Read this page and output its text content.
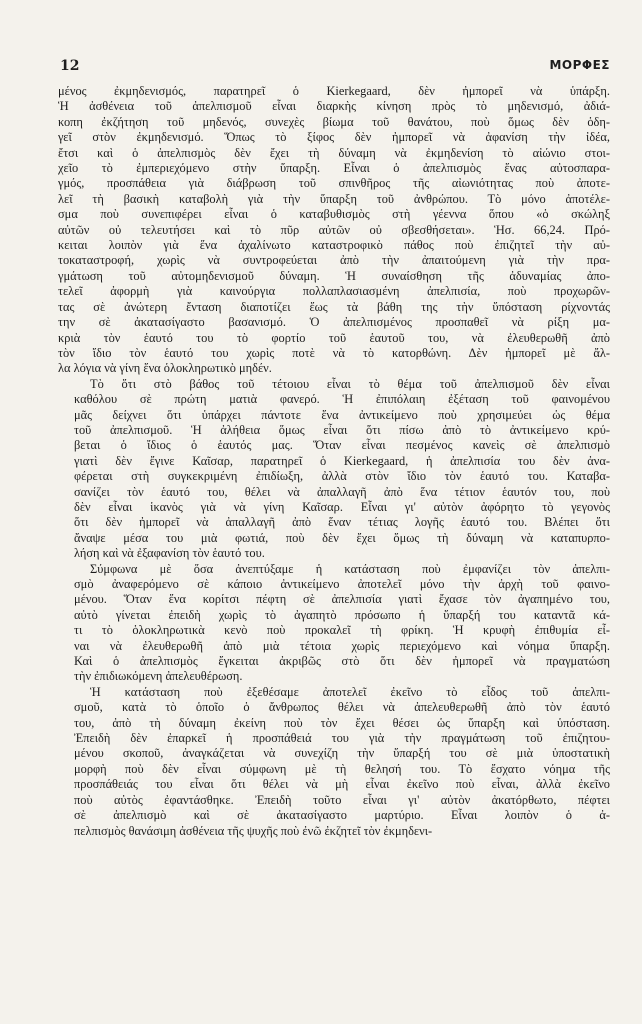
12	ΜΟΡΦΕΣ

μένος ἐκμηδενισμός, παρατηρεῖ ὁ Kierkegaard, δὲν ἠμπορεῖ νὰ ὑπάρξη.
Ἡ ἀσθένεια τοῦ ἀπελπισμοῦ εἶναι διαρκὴς κίνηση πρὸς τὸ μηδενισμό, ἀδιά-
κοπη ἐκζήτηση τοῦ μηδενός, συνεχὲς βίωμα τοῦ θανάτου, ποὺ ὅμως δὲν ὁδη-
γεῖ στὸν ἐκμηδενισμό. Ὅπως τὸ ξίφος δὲν ἠμπορεῖ νὰ ἀφανίση τὴν ἰδέα,
ἔτσι καὶ ὁ ἀπελπισμὸς δὲν ἔχει τὴ δύναμη νὰ ἐκμηδενίση τὸ αἰώνιο στοι-
χεῖο τὸ ἐμπεριεχόμενο στὴν ὕπαρξη. Εἶναι ὁ ἀπελπισμὸς ἕνας αὐτοσπαρα-
γμός, προσπάθεια γιὰ διάβρωση τοῦ σπινθῆρος τῆς αἰωνιότητας ποὺ ἀποτε-
λεῖ τὴ βασικὴ καταβολὴ γιὰ τὴν ὕπαρξη τοῦ ἀνθρώπου. Τὸ μόνο ἀποτέλε-
σμα ποὺ συνεπιφέρει εἶναι ὁ καταβυθισμὸς στὴ γέεννα ὅπου «ὁ σκώληξ
αὐτῶν οὐ τελευτήσει καὶ τὸ πῦρ αὐτῶν οὐ σβεσθήσεται». Ἡσ. 66,24. Πρό-
κειται λοιπὸν γιὰ ἕνα ἀχαλίνωτο καταστροφικὸ πάθος ποὺ ἐπιζητεῖ τὴν αὐ-
τοκαταστροφή, χωρὶς νὰ συντροφεύεται ἀπὸ τὴν ἀπαιτούμενη γιὰ τὴν πρα-
γμάτωση τοῦ αὐτομηδενισμοῦ δύναμη. Ἡ συναίσθηση τῆς ἀδυναμίας ἀπο-
τελεῖ ἀφορμὴ γιὰ καινούργια πολλαπλασιασμένη ἀπελπισία, ποὺ προχωρῶν-
τας σὲ ἀνώτερη ἔνταση διαποτίζει ἕως τὰ βάθη της τὴν ὕπόσταση ρίχνοντάς
την σὲ ἀκατασίγαστο βασανισμό. Ὁ ἀπελπισμένος προσπαθεῖ νὰ ρίξη μα-
κριὰ τὸν ἑαυτό του τὸ φορτίο τοῦ ἑαυτοῦ του, νὰ ἐλευθερωθῆ ἀπὸ
τὸν ἴδιο τὸν ἑαυτό του χωρὶς ποτὲ νὰ τὸ κατορθώνη. Δὲν ἠμπορεῖ μὲ ἄλ-
λα λόγια νὰ γίνη ἕνα ὁλοκληρωτικὸ μηδέν.

Τὸ ὅτι στὸ βάθος τοῦ τέτοιου εἶναι τὸ θέμα τοῦ ἀπελπισμοῦ δὲν εἶναι
καθόλου σὲ πρώτη ματιὰ φανερό. Ἡ ἐπιπόλαιη ἐξέταση τοῦ φαινομένου
μᾶς δείχνει ὅτι ὑπάρχει πάντοτε ἕνα ἀντικείμενο ποὺ χρησιμεύει ὡς θέμα
τοῦ ἀπελπισμοῦ. Ἡ ἀλήθεια ὅμως εἶναι ὅτι πίσω ἀπὸ τὸ ἀντικείμενο κρύ-
βεται ὁ ἴδιος ὁ ἑαυτός μας. Ὅταν εἶναι πεσμένος κανεὶς σὲ ἀπελπισμὸ
γιατὶ δὲν ἔγινε Καῖσαρ, παρατηρεῖ ὁ Kierkegaard, ἡ ἀπελπισία του δὲν ἀνα-
φέρεται στὴ συγκεκριμένη ἐπιδίωξη, ἀλλὰ στὸν ἴδιο τὸν ἑαυτό του. Καταβα-
σανίζει τὸν ἑαυτό του, θέλει νὰ ἀπαλλαγῆ ἀπὸ ἕνα τέτιον ἑαυτόν του, ποὺ
δὲν εἶναι ἱκανὸς γιὰ νὰ γίνη Καῖσαρ. Εἶναι γι' αὐτὸν ἀφόρητο τὸ γεγονὸς
ὅτι δὲν ἠμπορεῖ νὰ ἀπαλλαγῆ ἀπὸ ἕναν τέτιας λογῆς ἑαυτό του. Βλέπει ὅτι
ἄναψε μέσα του μιὰ φωτιά, ποὺ δὲν ἔχει ὅμως τὴ δύναμη νὰ καταπυρπο-
λήση καὶ νὰ ἐξαφανίση τὸν ἑαυτό του.

Σύμφωνα μὲ ὅσα ἀνεπτύξαμε ἡ κατάσταση ποὺ ἐμφανίζει τὸν ἀπελπι-
σμὸ ἀναφερόμενο σὲ κάποιο ἀντικείμενο ἀποτελεῖ μόνο τὴν ἀρχὴ τοῦ φαινο-
μένου. Ὅταν ἕνα κορίτσι πέφτη σὲ ἀπελπισία γιατὶ ἔχασε τὸν ἀγαπημένο του,
αὐτὸ γίνεται ἐπειδὴ χωρὶς τὸ ἀγαπητὸ πρόσωπο ἡ ὕπαρξή του καταντᾶ κά-
τι τὸ ὁλοκληρωτικὰ κενὸ ποὺ προκαλεῖ τὴ φρίκη. Ἡ κρυφὴ ἐπιθυμία εἶ-
ναι νὰ ἐλευθερωθῆ ἀπὸ μιὰ τέτοια χωρὶς περιεχόμενο καὶ νόημα ὕπαρξη.
Καὶ ὁ ἀπελπισμὸς ἔγκειται ἀκριβῶς στὸ ὅτι δὲν ἠμπορεῖ νὰ πραγματώση
τὴν ἐπιδιωκόμενη ἀπελευθέρωση.

Ἡ κατάσταση ποὺ ἐξεθέσαμε ἀποτελεῖ ἐκεῖνο τὸ εἶδος τοῦ ἀπελπι-
σμοῦ, κατὰ τὸ ὁποῖο ὁ ἄνθρωπος θέλει νὰ ἀπελευθερωθῆ ἀπὸ τὸν ἑαυτό
του, ἀπὸ τὴ δύναμη ἐκείνη ποὺ τὸν ἔχει θέσει ὡς ὕπαρξη καὶ ὑπόσταση.
Ἐπειδὴ δὲν ἐπαρκεῖ ἡ προσπάθειά του γιὰ τὴν πραγμάτωση τοῦ ἐπιζητου-
μένου σκοποῦ, ἀναγκάζεται νὰ συνεχίζη τὴν ὕπαρξή του σὲ μιὰ ὑποστατικὴ
μορφὴ ποὺ δὲν εἶναι σύμφωνη μὲ τὴ θελησή του. Τὸ ἔσχατο νόημα τῆς
προσπάθειάς του εἶναι ὅτι θέλει νὰ μὴ εἶναι ἐκεῖνο ποὺ εἶναι, ἀλλὰ ἐκεῖνο
ποὺ αὐτὸς ἐφαντάσθηκε. Ἐπειδὴ τοῦτο εἶναι γι' αὐτὸν ἀκατόρθωτο, πέφτει
σὲ ἀπελπισμὸ καὶ σὲ ἀκατασίγαστο μαρτύριο. Εἶναι λοιπὸν ὁ ἀ-
πελπισμὸς θανάσιμη ἀσθένεια τῆς ψυχῆς ποὺ ἐνῶ ἐκζητεῖ τὸν ἐκμηδενι-
